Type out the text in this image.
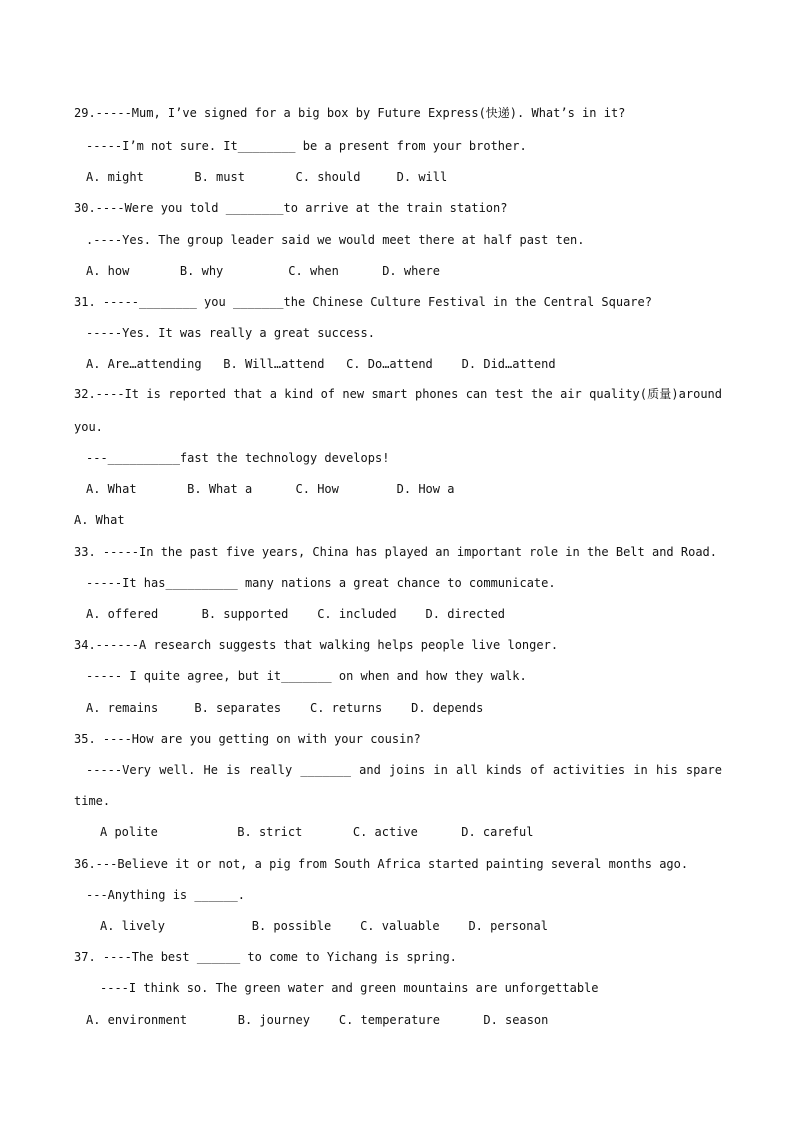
29.-----Mum, I’ve signed for a big box by Future Express(快递). What’s in it?
-----I’m not sure. It________ be a present from your brother.
A. might       B. must       C. should     D. will
30.----Were you told ________to arrive at the train station?
.----Yes. The group leader said we would meet there at half past ten.
A. how       B. why         C. when      D. where
31. -----________ you _______the Chinese Culture Festival in the Central Square?
-----Yes. It was really a great success.
A. Are…attending   B. Will…attend   C. Do…attend    D. Did…attend
32.----It is reported that a kind of new smart phones can test the air quality(质量)around
you.
---__________fast the technology develops!
A. What       B. What a      C. How        D. How a
A. What
33. -----In the past five years, China has played an important role in the Belt and Road.
-----It has__________ many nations a great chance to communicate.
A. offered      B. supported    C. included    D. directed
34.------A research suggests that walking helps people live longer.
----- I quite agree, but it_______ on when and how they walk.
A. remains     B. separates    C. returns    D. depends
35. ----How are you getting on with your cousin?
-----Very well. He is really _______ and joins in all kinds of activities in his spare
time.
A polite           B. strict       C. active      D. careful
36.---Believe it or not, a pig from South Africa started painting several months ago.
---Anything is ______.
A. lively            B. possible    C. valuable    D. personal
37. ----The best ______ to come to Yichang is spring.
----I think so. The green water and green mountains are unforgettable
A. environment       B. journey    C. temperature      D. season
